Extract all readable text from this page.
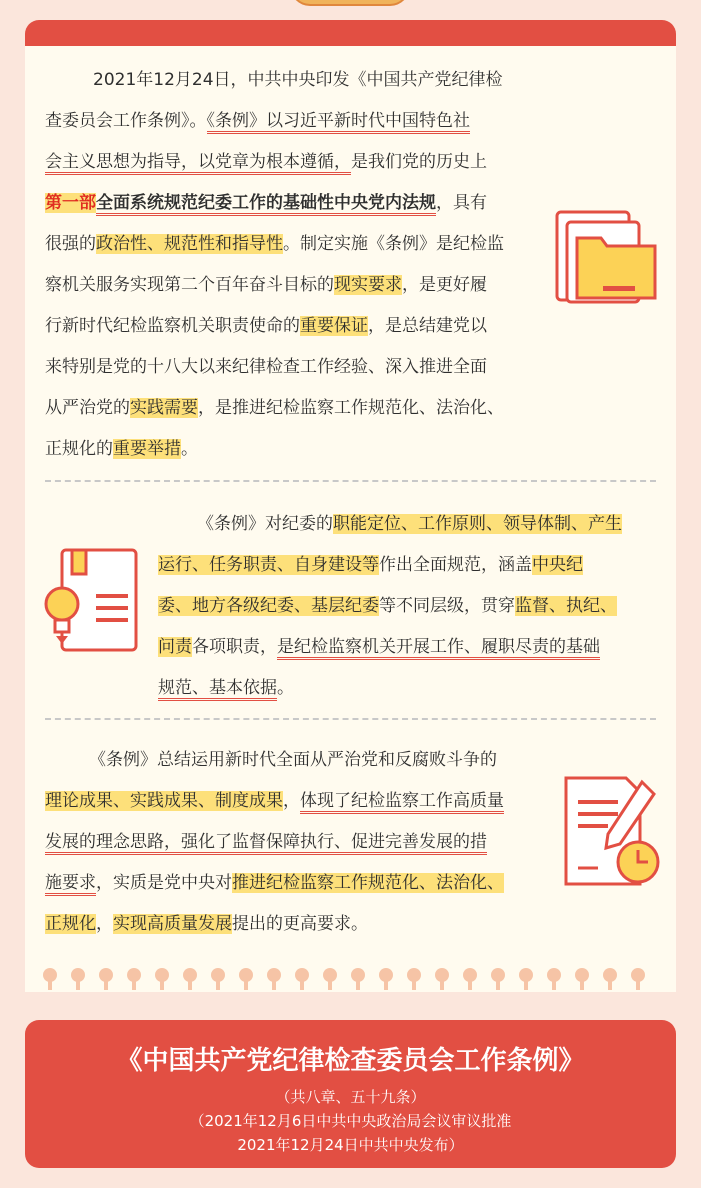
2021年12月24日，中共中央印发《中国共产党纪律检
查委员会工作条例》。《条例》以习近平新时代中国特色社
会主义思想为指导，以党章为根本遵循，是我们党的历史上
第一部全面系统规范纪委工作的基础性中央党内法规，具有
很强的政治性、规范性和指导性。制定实施《条例》是纪检监
察机关服务实现第二个百年奋斗目标的现实要求，是更好履
行新时代纪检监察机关职责使命的重要保证，是总结建党以
来特别是党的十八大以来纪律检查工作经验、深入推进全面
从严治党的实践需要，是推进纪检监察工作规范化、法治化、
正规化的重要举措。
《条例》对纪委的职能定位、工作原则、领导体制、产生
运行、任务职责、自身建设等作出全面规范，涵盖中央纪
委、地方各级纪委、基层纪委等不同层级，贯穿监督、执纪、
问责各项职责，是纪检监察机关开展工作、履职尽责的基础
规范、基本依据。
《条例》总结运用新时代全面从严治党和反腐败斗争的
理论成果、实践成果、制度成果，体现了纪检监察工作高质量
发展的理念思路，强化了监督保障执行、促进完善发展的措
施要求，实质是党中央对推进纪检监察工作规范化、法治化、
正规化，实现高质量发展提出的更高要求。
《中国共产党纪律检查委员会工作条例》
（共八章、五十九条）
（2021年12月6日中共中央政治局会议审议批准
2021年12月24日中共中央发布）
